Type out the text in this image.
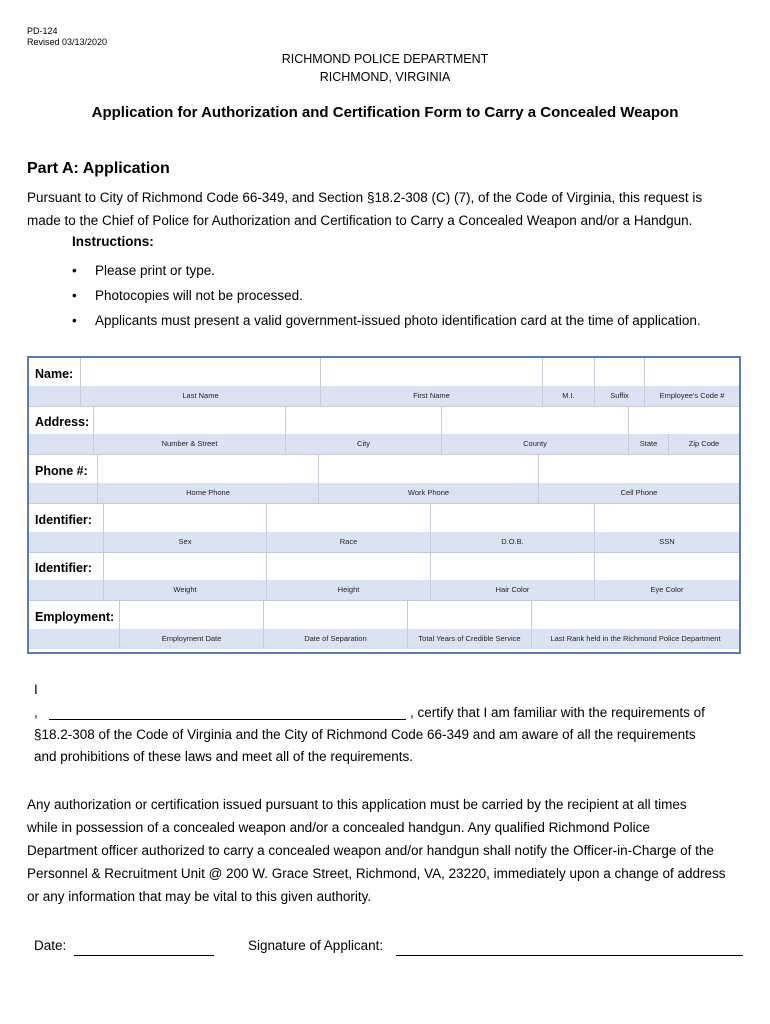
PD-124
Revised 03/13/2020
RICHMOND POLICE DEPARTMENT
RICHMOND, VIRGINIA
Application for Authorization and Certification Form to Carry a Concealed Weapon
Part A: Application
Pursuant to City of Richmond Code 66-349, and Section §18.2-308 (C) (7), of the Code of Virginia, this request is
made to the Chief of Police for Authorization and Certification to Carry a Concealed Weapon and/or a Handgun.
Instructions:
• Please print or type.
• Photocopies will not be processed.
• Applicants must present a valid government-issued photo identification card at the time of application.
Name:
Last Name	First Name	M.I.	Suffix	Employee's Code #
Address:
Number & Street	City	County	State	Zip Code
Phone #:
Home Phone	Work Phone	Cell Phone
Identifier:
Sex	Race	D.O.B.	SSN
Identifier:
Weight	Height	Hair Color	Eye Color
Employment:
Employment Date	Date of Separation	Total Years of Credible Service	Last Rank held in the Richmond Police Department
I
,	, certify that I am familiar with the requirements of
§18.2-308 of the Code of Virginia and the City of Richmond Code 66-349 and am aware of all the requirements
and prohibitions of these laws and meet all of the requirements.
Any authorization or certification issued pursuant to this application must be carried by the recipient at all times
while in possession of a concealed weapon and/or a concealed handgun. Any qualified Richmond Police
Department officer authorized to carry a concealed weapon and/or handgun shall notify the Officer-in-Charge of the
Personnel & Recruitment Unit @ 200 W. Grace Street, Richmond, VA, 23220, immediately upon a change of address
or any information that may be vital to this given authority.
Date:	Signature of Applicant:
